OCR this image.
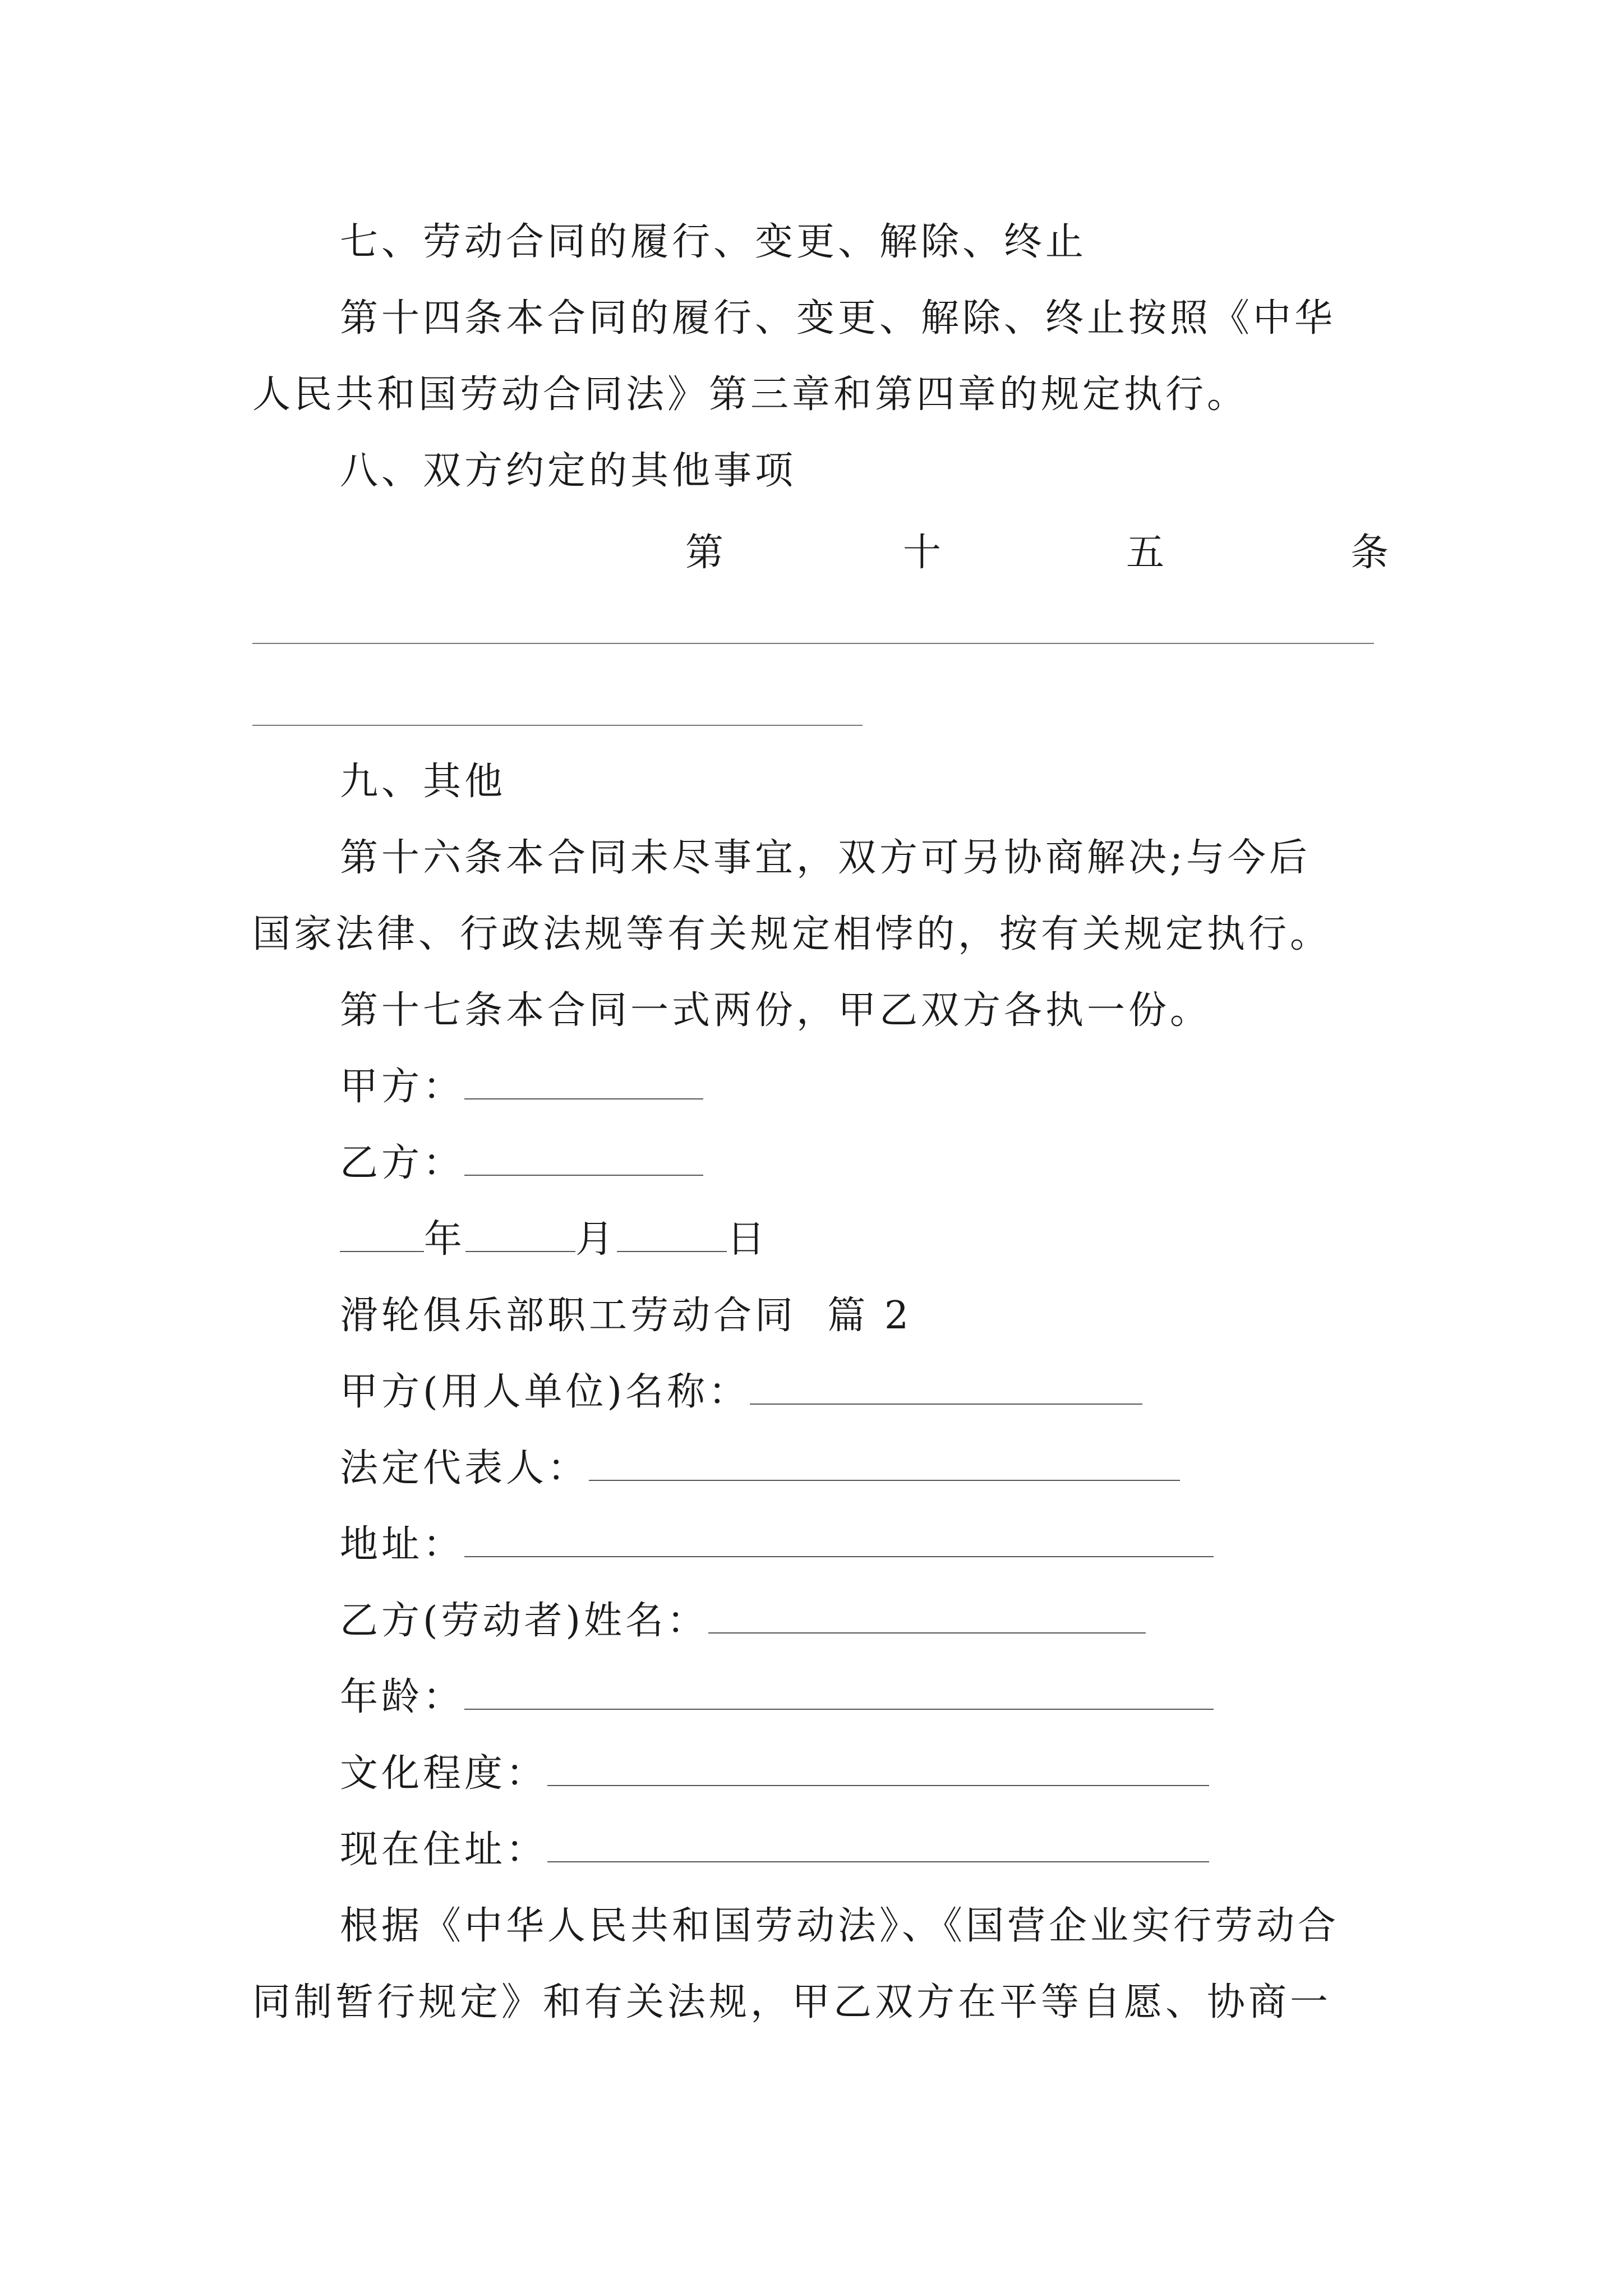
七、劳动合同的履行、变更、解除、终止
第十四条本合同的履行、变更、解除、终止按照《中华
人民共和国劳动合同法》第三章和第四章的规定执行。
八、双方约定的其他事项
第	十	五	条
九、其他
第十六条本合同未尽事宜，双方可另协商解决;与今后
国家法律、行政法规等有关规定相悖的，按有关规定执行。
第十七条本合同一式两份，甲乙双方各执一份。
甲方：
乙方：
年	月	日
滑轮俱乐部职工劳动合同  篇 2
甲方(用人单位)名称：
法定代表人：
地址：
乙方(劳动者)姓名：
年龄：
文化程度：
现在住址：
根据《中华人民共和国劳动法》、《国营企业实行劳动合
同制暂行规定》和有关法规，甲乙双方在平等自愿、协商一
